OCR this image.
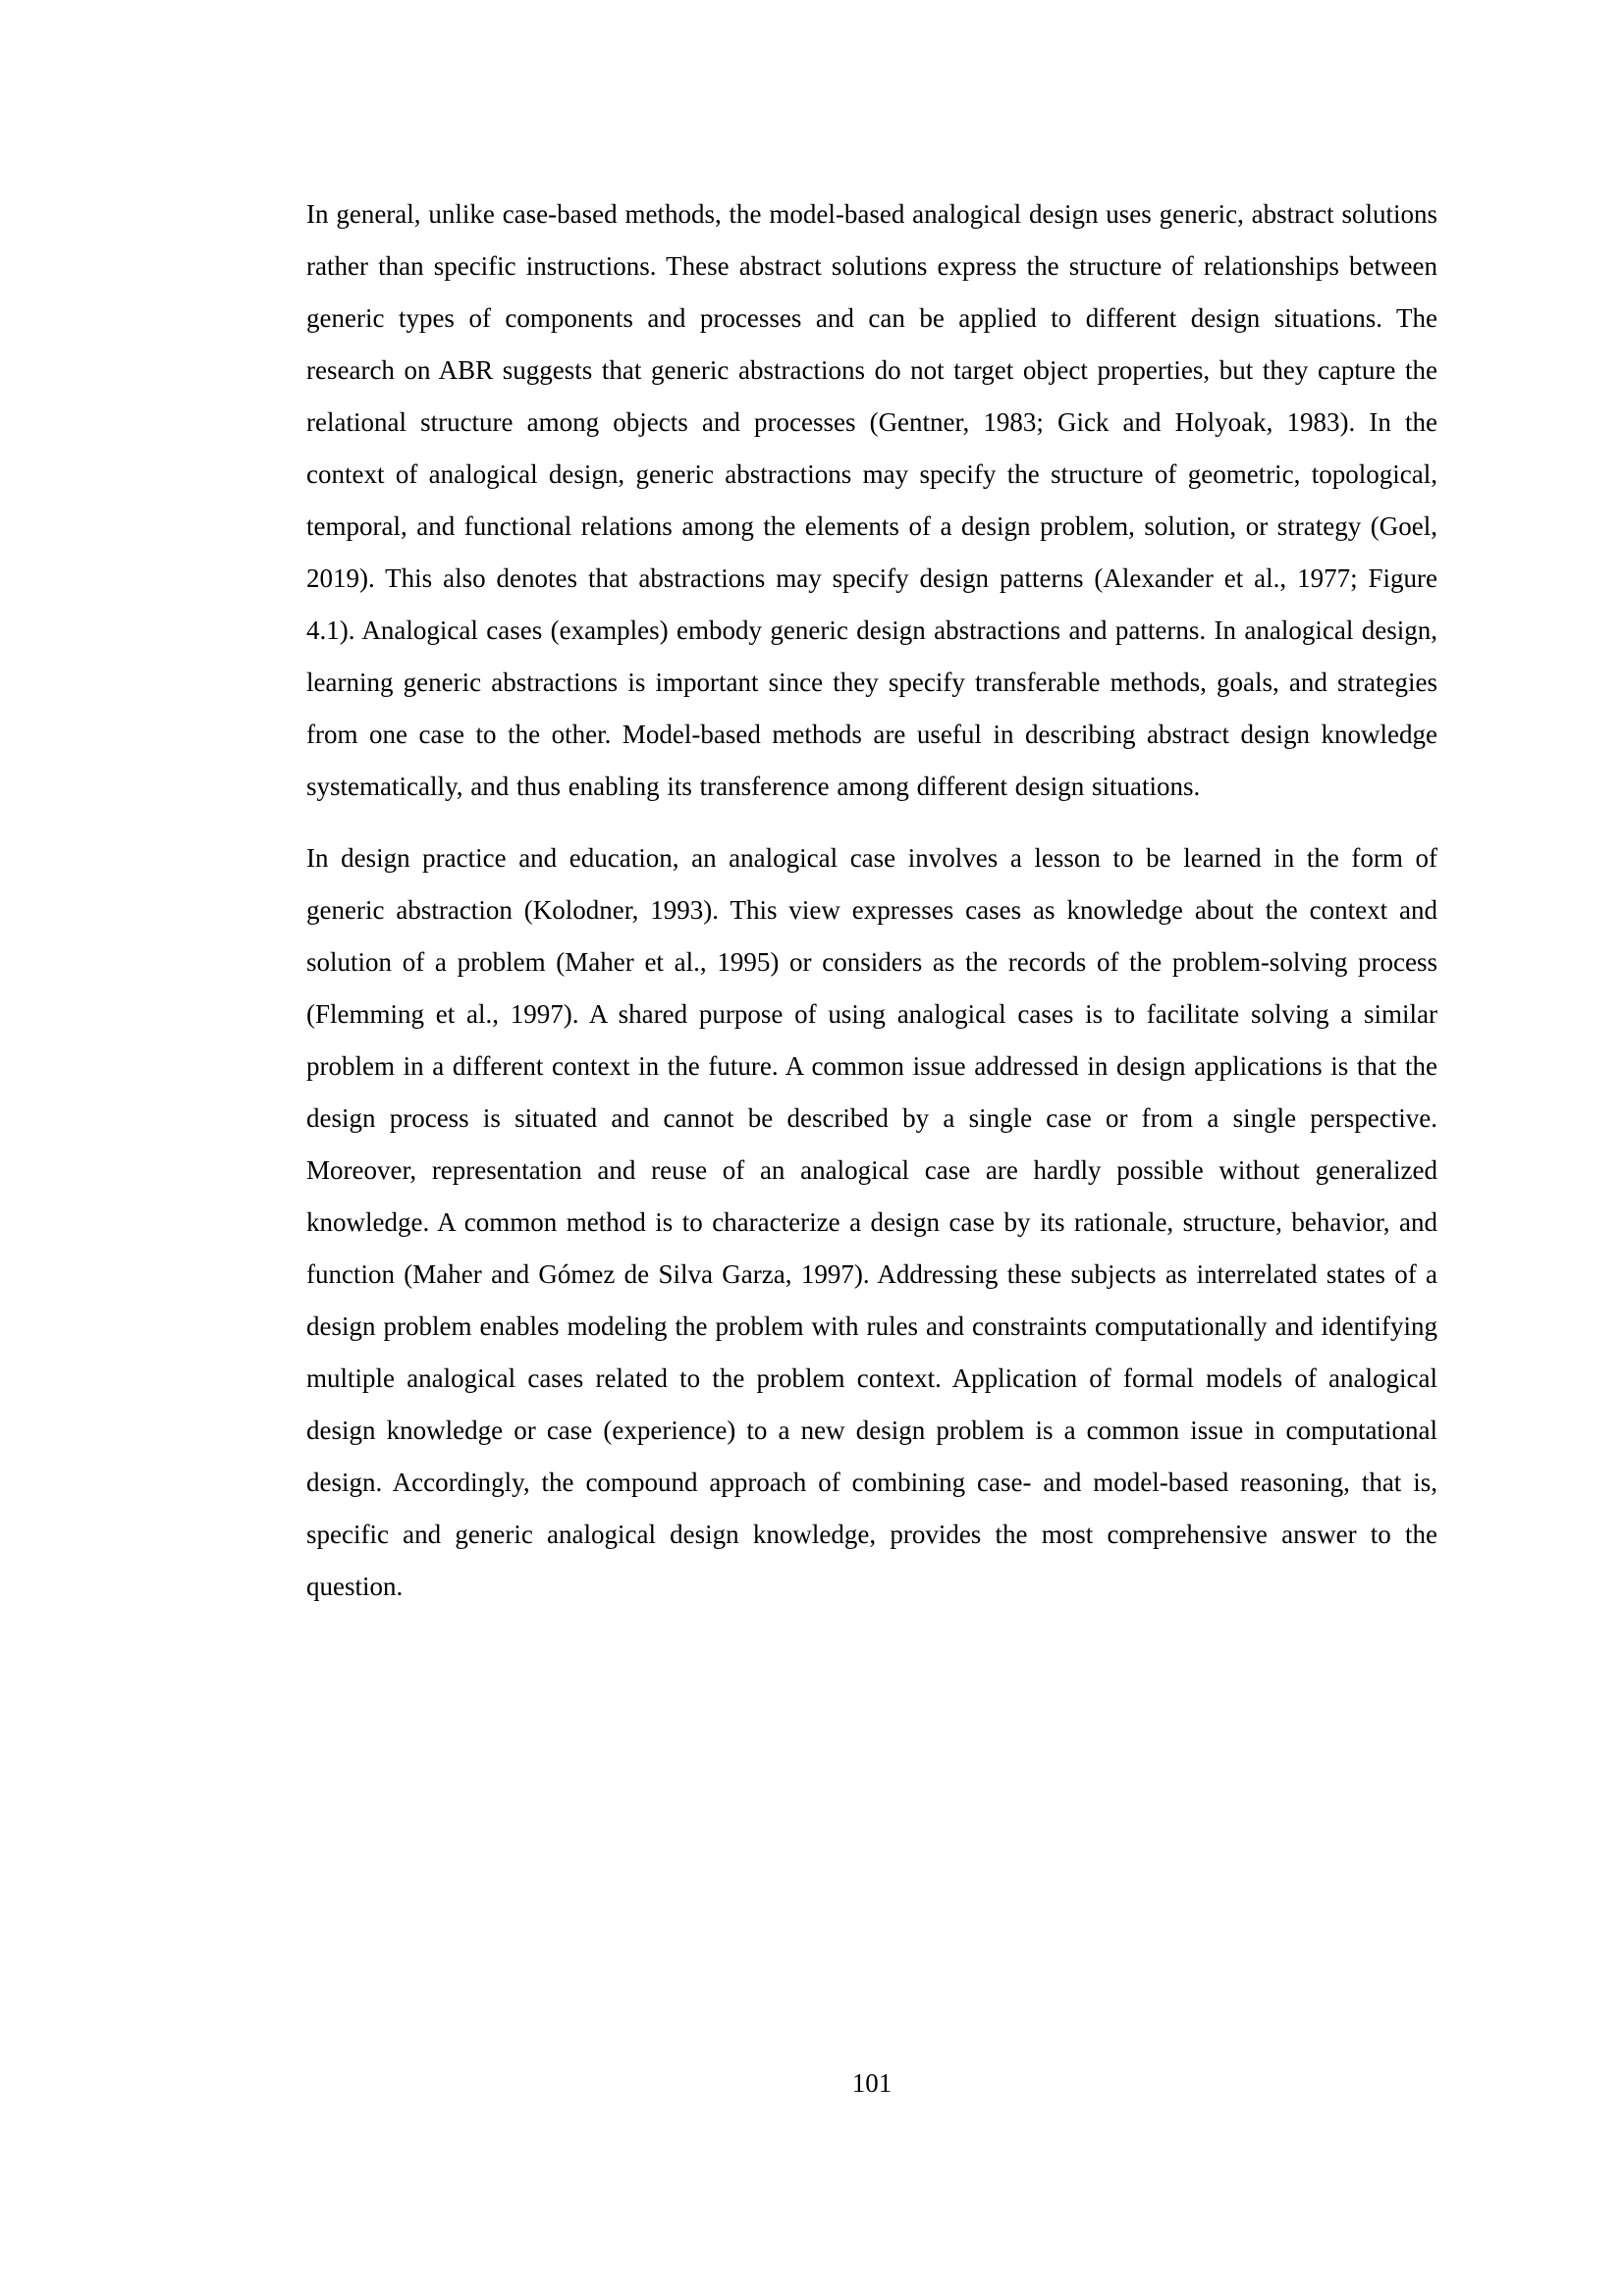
In general, unlike case-based methods, the model-based analogical design uses generic, abstract solutions rather than specific instructions. These abstract solutions express the structure of relationships between generic types of components and processes and can be applied to different design situations. The research on ABR suggests that generic abstractions do not target object properties, but they capture the relational structure among objects and processes (Gentner, 1983; Gick and Holyoak, 1983). In the context of analogical design, generic abstractions may specify the structure of geometric, topological, temporal, and functional relations among the elements of a design problem, solution, or strategy (Goel, 2019). This also denotes that abstractions may specify design patterns (Alexander et al., 1977; Figure 4.1). Analogical cases (examples) embody generic design abstractions and patterns. In analogical design, learning generic abstractions is important since they specify transferable methods, goals, and strategies from one case to the other. Model-based methods are useful in describing abstract design knowledge systematically, and thus enabling its transference among different design situations.

In design practice and education, an analogical case involves a lesson to be learned in the form of generic abstraction (Kolodner, 1993). This view expresses cases as knowledge about the context and solution of a problem (Maher et al., 1995) or considers as the records of the problem-solving process (Flemming et al., 1997). A shared purpose of using analogical cases is to facilitate solving a similar problem in a different context in the future. A common issue addressed in design applications is that the design process is situated and cannot be described by a single case or from a single perspective. Moreover, representation and reuse of an analogical case are hardly possible without generalized knowledge. A common method is to characterize a design case by its rationale, structure, behavior, and function (Maher and Gómez de Silva Garza, 1997). Addressing these subjects as interrelated states of a design problem enables modeling the problem with rules and constraints computationally and identifying multiple analogical cases related to the problem context. Application of formal models of analogical design knowledge or case (experience) to a new design problem is a common issue in computational design. Accordingly, the compound approach of combining case- and model-based reasoning, that is, specific and generic analogical design knowledge, provides the most comprehensive answer to the question.

101
